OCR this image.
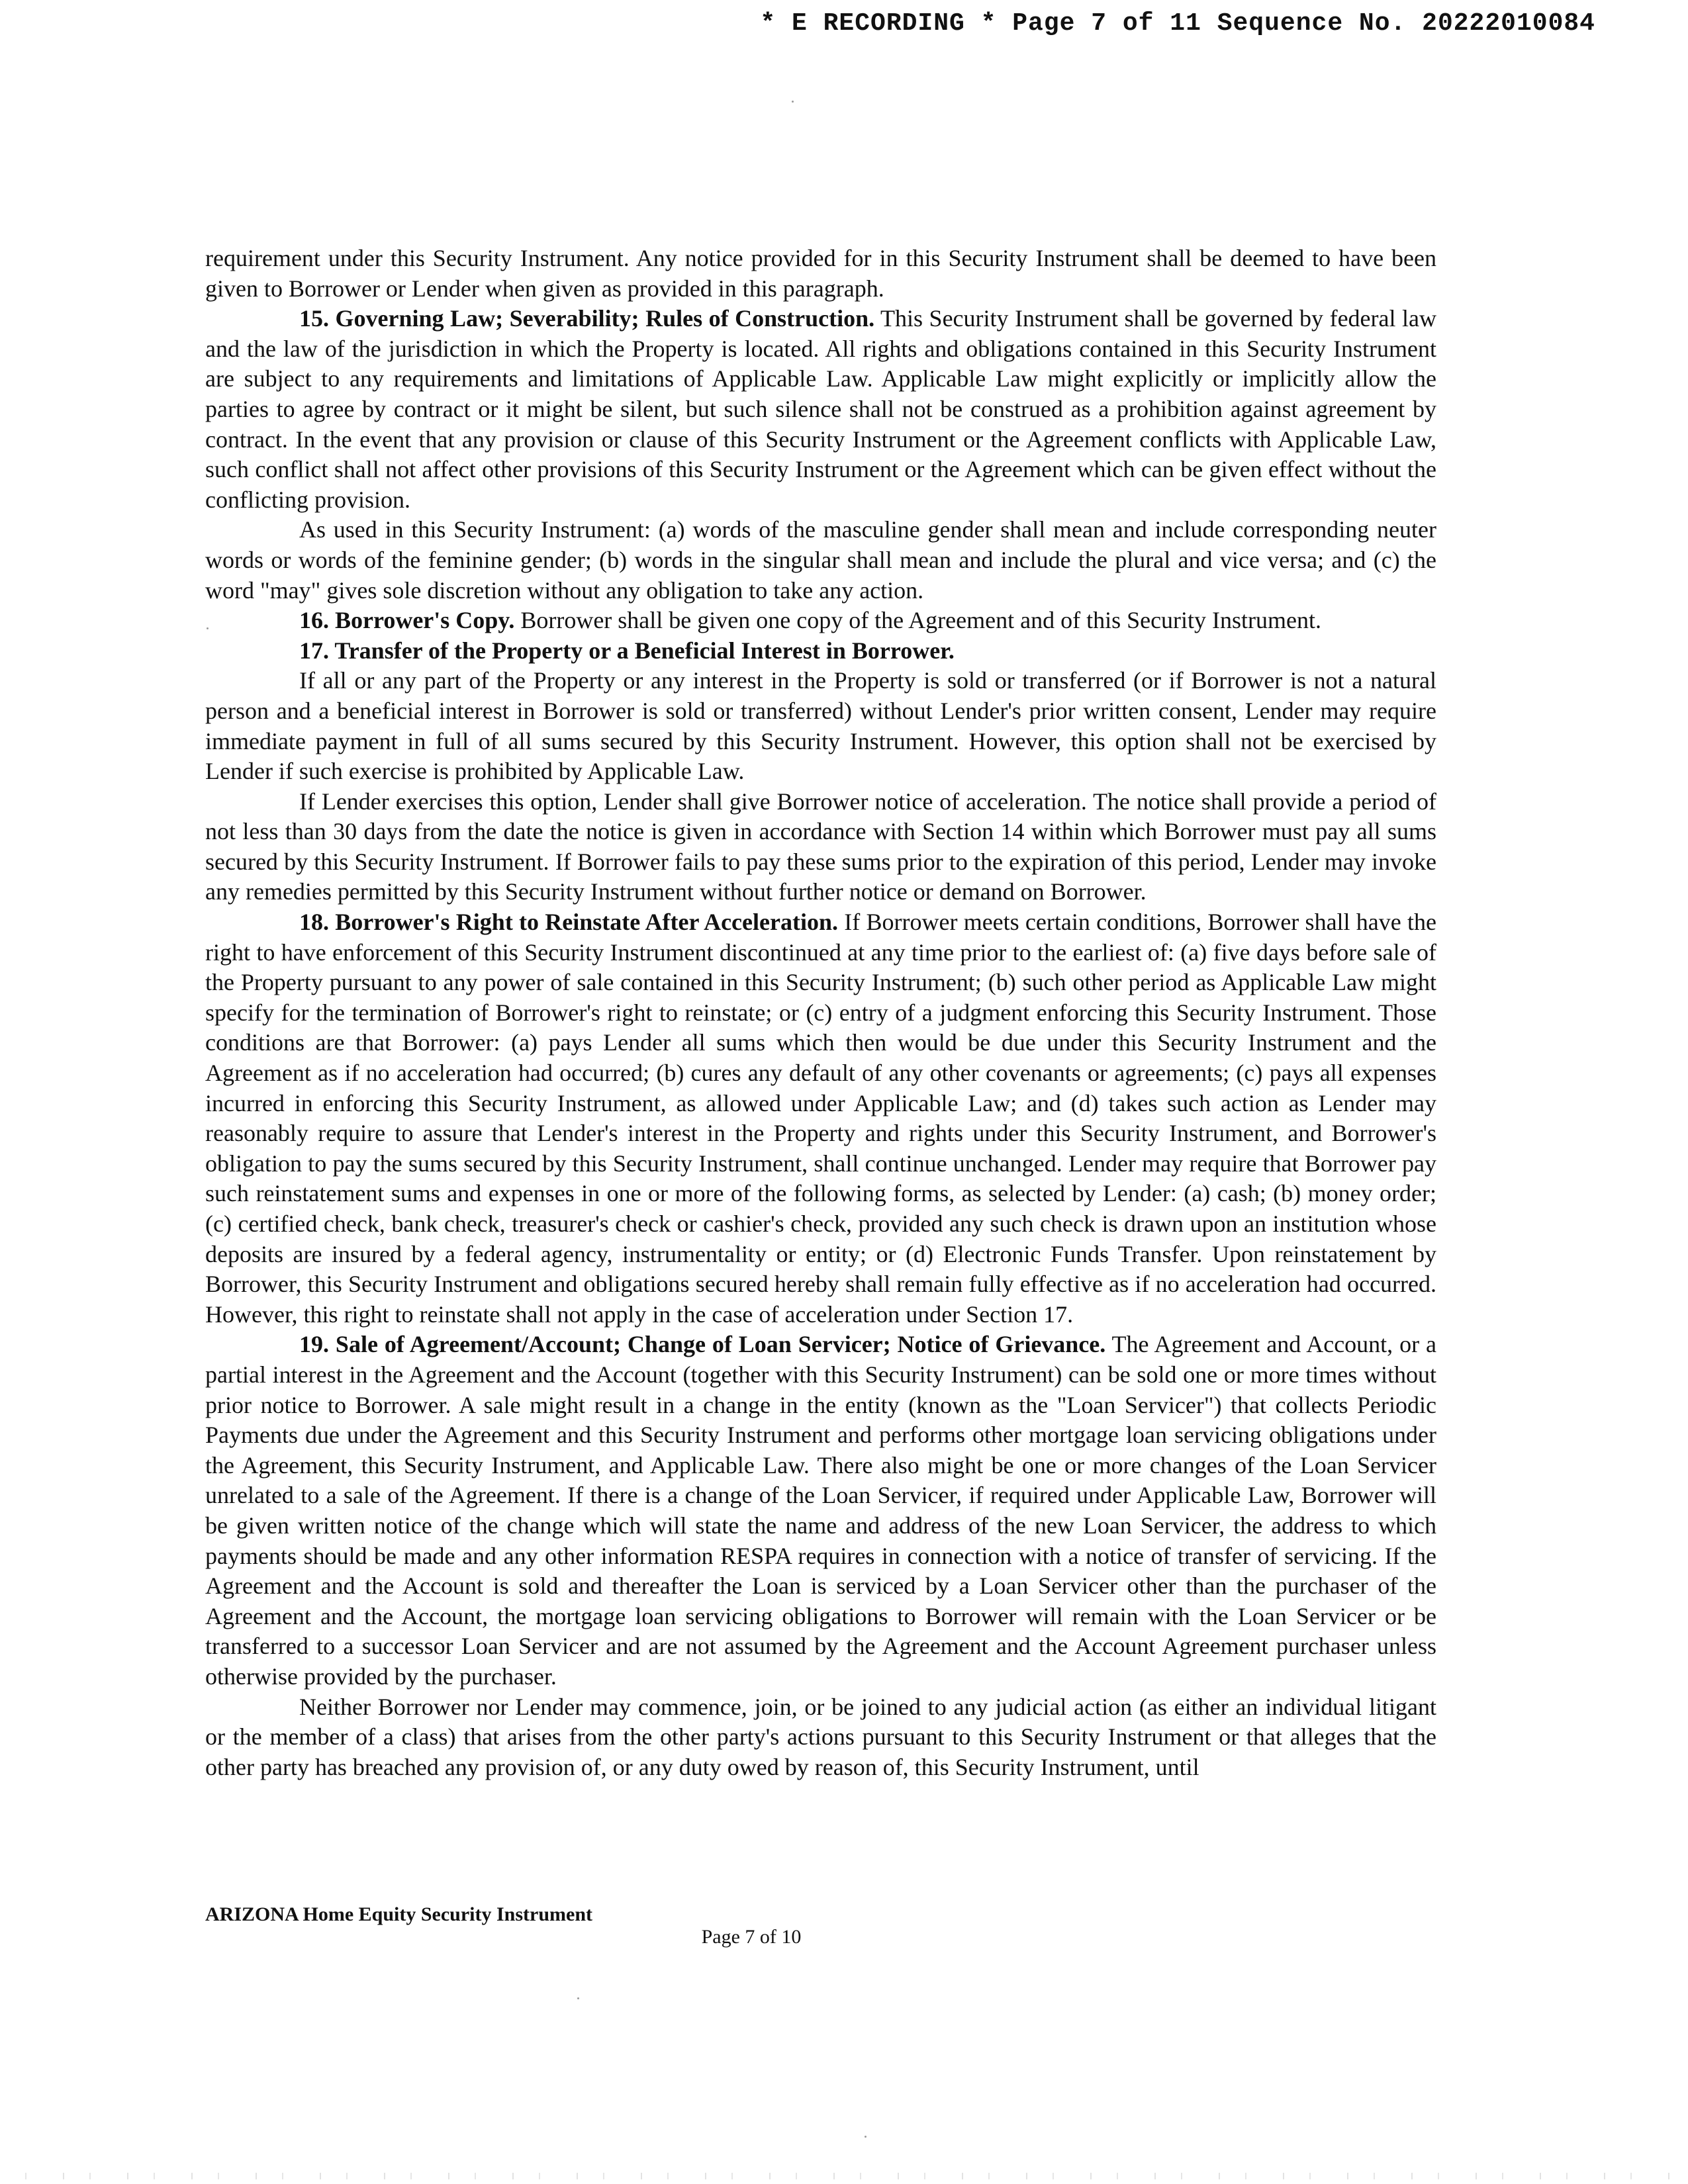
* E RECORDING * Page 7 of 11 Sequence No. 20222010084

requirement under this Security Instrument. Any notice provided for in this Security Instrument shall be deemed to have been given to Borrower or Lender when given as provided in this paragraph.

15. Governing Law; Severability; Rules of Construction. This Security Instrument shall be governed by federal law and the law of the jurisdiction in which the Property is located. All rights and obligations contained in this Security Instrument are subject to any requirements and limitations of Applicable Law. Applicable Law might explicitly or implicitly allow the parties to agree by contract or it might be silent, but such silence shall not be construed as a prohibition against agreement by contract. In the event that any provision or clause of this Security Instrument or the Agreement conflicts with Applicable Law, such conflict shall not affect other provisions of this Security Instrument or the Agreement which can be given effect without the conflicting provision.

As used in this Security Instrument: (a) words of the masculine gender shall mean and include corresponding neuter words or words of the feminine gender; (b) words in the singular shall mean and include the plural and vice versa; and (c) the word "may" gives sole discretion without any obligation to take any action.

16. Borrower's Copy. Borrower shall be given one copy of the Agreement and of this Security Instrument.

17. Transfer of the Property or a Beneficial Interest in Borrower.

If all or any part of the Property or any interest in the Property is sold or transferred (or if Borrower is not a natural person and a beneficial interest in Borrower is sold or transferred) without Lender's prior written consent, Lender may require immediate payment in full of all sums secured by this Security Instrument. However, this option shall not be exercised by Lender if such exercise is prohibited by Applicable Law.

If Lender exercises this option, Lender shall give Borrower notice of acceleration. The notice shall provide a period of not less than 30 days from the date the notice is given in accordance with Section 14 within which Borrower must pay all sums secured by this Security Instrument. If Borrower fails to pay these sums prior to the expiration of this period, Lender may invoke any remedies permitted by this Security Instrument without further notice or demand on Borrower.

18. Borrower's Right to Reinstate After Acceleration. If Borrower meets certain conditions, Borrower shall have the right to have enforcement of this Security Instrument discontinued at any time prior to the earliest of: (a) five days before sale of the Property pursuant to any power of sale contained in this Security Instrument; (b) such other period as Applicable Law might specify for the termination of Borrower's right to reinstate; or (c) entry of a judgment enforcing this Security Instrument. Those conditions are that Borrower: (a) pays Lender all sums which then would be due under this Security Instrument and the Agreement as if no acceleration had occurred; (b) cures any default of any other covenants or agreements; (c) pays all expenses incurred in enforcing this Security Instrument, as allowed under Applicable Law; and (d) takes such action as Lender may reasonably require to assure that Lender's interest in the Property and rights under this Security Instrument, and Borrower's obligation to pay the sums secured by this Security Instrument, shall continue unchanged. Lender may require that Borrower pay such reinstatement sums and expenses in one or more of the following forms, as selected by Lender: (a) cash; (b) money order; (c) certified check, bank check, treasurer's check or cashier's check, provided any such check is drawn upon an institution whose deposits are insured by a federal agency, instrumentality or entity; or (d) Electronic Funds Transfer. Upon reinstatement by Borrower, this Security Instrument and obligations secured hereby shall remain fully effective as if no acceleration had occurred. However, this right to reinstate shall not apply in the case of acceleration under Section 17.

19. Sale of Agreement/Account; Change of Loan Servicer; Notice of Grievance. The Agreement and Account, or a partial interest in the Agreement and the Account (together with this Security Instrument) can be sold one or more times without prior notice to Borrower. A sale might result in a change in the entity (known as the "Loan Servicer") that collects Periodic Payments due under the Agreement and this Security Instrument and performs other mortgage loan servicing obligations under the Agreement, this Security Instrument, and Applicable Law. There also might be one or more changes of the Loan Servicer unrelated to a sale of the Agreement. If there is a change of the Loan Servicer, if required under Applicable Law, Borrower will be given written notice of the change which will state the name and address of the new Loan Servicer, the address to which payments should be made and any other information RESPA requires in connection with a notice of transfer of servicing. If the Agreement and the Account is sold and thereafter the Loan is serviced by a Loan Servicer other than the purchaser of the Agreement and the Account, the mortgage loan servicing obligations to Borrower will remain with the Loan Servicer or be transferred to a successor Loan Servicer and are not assumed by the Agreement and the Account Agreement purchaser unless otherwise provided by the purchaser.

Neither Borrower nor Lender may commence, join, or be joined to any judicial action (as either an individual litigant or the member of a class) that arises from the other party's actions pursuant to this Security Instrument or that alleges that the other party has breached any provision of, or any duty owed by reason of, this Security Instrument, until

ARIZONA Home Equity Security Instrument
Page 7 of 10
